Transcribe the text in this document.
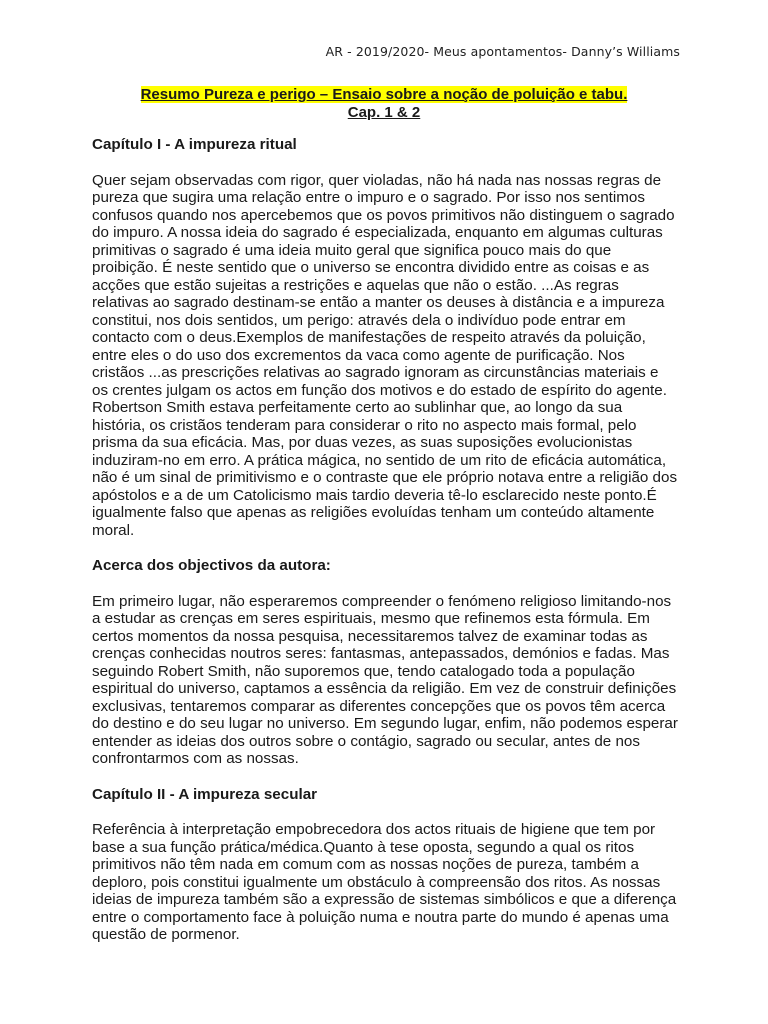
AR - 2019/2020- Meus apontamentos- Danny’s Williams
Resumo Pureza e perigo – Ensaio sobre a noção de poluição e tabu.
Cap. 1 & 2
Capítulo I - A impureza ritual

Quer sejam observadas com rigor, quer violadas, não há nada nas nossas regras de pureza que sugira uma relação entre o impuro e o sagrado. Por isso nos sentimos confusos quando nos apercebemos que os povos primitivos não distinguem o sagrado do impuro. A nossa ideia do sagrado é especializada, enquanto em algumas culturas primitivas o sagrado é uma ideia muito geral que significa pouco mais do que proibição. É neste sentido que o universo se encontra dividido entre as coisas e as acções que estão sujeitas a restrições e aquelas que não o estão. ...As regras relativas ao sagrado destinam-se então a manter os deuses à distância e a impureza constitui, nos dois sentidos, um perigo: através dela o indivíduo pode entrar em contacto com o deus.Exemplos de manifestações de respeito através da poluição, entre eles o do uso dos excrementos da vaca como agente de purificação. Nos cristãos ...as prescrições relativas ao sagrado ignoram as circunstâncias materiais e os crentes julgam os actos em função dos motivos e do estado de espírito do agente. Robertson Smith estava perfeitamente certo ao sublinhar que, ao longo da sua história, os cristãos tenderam para considerar o rito no aspecto mais formal, pelo prisma da sua eficácia. Mas, por duas vezes, as suas suposições evolucionistas induziram-no em erro. A prática mágica, no sentido de um rito de eficácia automática, não é um sinal de primitivismo e o contraste que ele próprio notava entre a religião dos apóstolos e a de um Catolicismo mais tardio deveria tê-lo esclarecido neste ponto.É igualmente falso que apenas as religiões evoluídas tenham um conteúdo altamente moral.

Acerca dos objectivos da autora:

Em primeiro lugar, não esperaremos compreender o fenómeno religioso limitando-nos a estudar as crenças em seres espirituais, mesmo que refinemos esta fórmula. Em certos momentos da nossa pesquisa, necessitaremos talvez de examinar todas as crenças conhecidas noutros seres: fantasmas, antepassados, demónios e fadas. Mas seguindo Robert Smith, não suporemos que, tendo catalogado toda a população espiritual do universo, captamos a essência da religião. Em vez de construir definições exclusivas, tentaremos comparar as diferentes concepções que os povos têm acerca do destino e do seu lugar no universo. Em segundo lugar, enfim, não podemos esperar entender as ideias dos outros sobre o contágio, sagrado ou secular, antes de nos confrontarmos com as nossas.

Capítulo II - A impureza secular

Referência à interpretação empobrecedora dos actos rituais de higiene que tem por base a sua função prática/médica.Quanto à tese oposta, segundo a qual os ritos primitivos não têm nada em comum com as nossas noções de pureza, também a deploro, pois constitui igualmente um obstáculo à compreensão dos ritos. As nossas ideias de impureza também são a expressão de sistemas simbólicos e que a diferença entre o comportamento face à poluição numa e noutra parte do mundo é apenas uma questão de pormenor.
